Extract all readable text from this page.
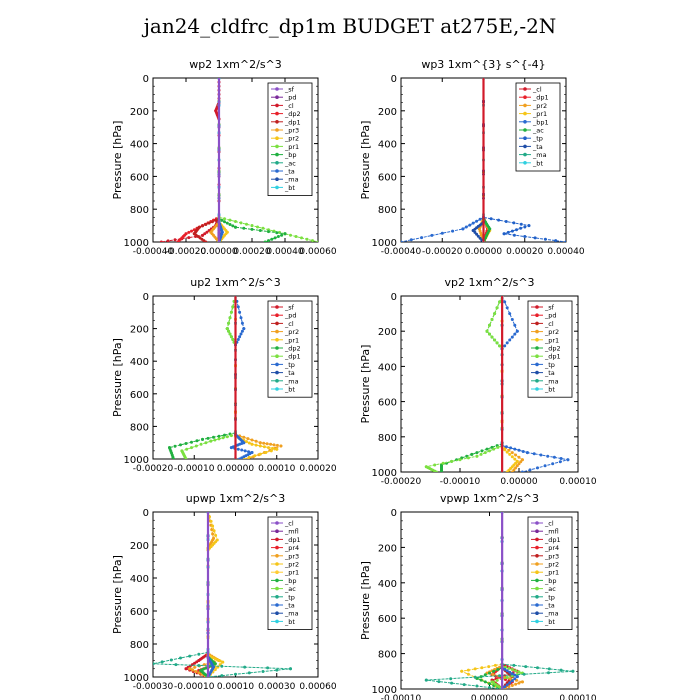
jan24_cldfrc_dp1m BUDGET at275E,-2N
wp2 1xm^2/s^3
Pressure [hPa]
0
200
400
600
800
1000
-0.00040
-0.00020
0.00000
0.00020
0.00040
0.00060
_sf
_pd
_cl
_dp2
_dp1
_pr3
_pr2
_pr1
_bp
_ac
_ta
_ma
_bt
wp3 1xm^{3} s^{-4}
Pressure [hPa]
0
200
400
600
800
1000
-0.00040 -0.00020 0.00000 0.00020 0.00040
_cl
_dp1
_pr2
_pr1
_bp1
_ac
_tp
_ta
_ma
_bt
up2 1xm^2/s^3
Pressure [hPa]
0
200
400
600
800
1000
-0.00020 -0.00010 0.00000 0.00010 0.00020
_sf
_pd
_cl
_pr2
_pr1
_dp2
_dp1
_tp
_ta
_ma
_bt
vp2 1xm^2/s^3
Pressure [hPa]
0
200
400
600
800
1000
-0.00020 -0.00010 0.00000 0.00010
_sf
_pd
_cl
_pr2
_pr1
_dp2
_dp1
_tp
_ta
_ma
_bt
upwp 1xm^2/s^3
Pressure [hPa]
0
200
400
600
800
1000
-0.00030 -0.00010 0.00010 0.00030 0.00060
_cl
_mfl
_dp1
_pr4
_pr3
_pr2
_pr1
_bp
_ac
_tp
_ta
_ma
_bt
vpwp 1xm^2/s^3
Pressure [hPa]
0
200
400
600
800
1000
-0.00010	0.00000	0.00010
_cl
_mfl
_dp1
_pr4
_pr3
_pr2
_pr1
_bp
_ac
_tp
_ta
_ma
_bt
